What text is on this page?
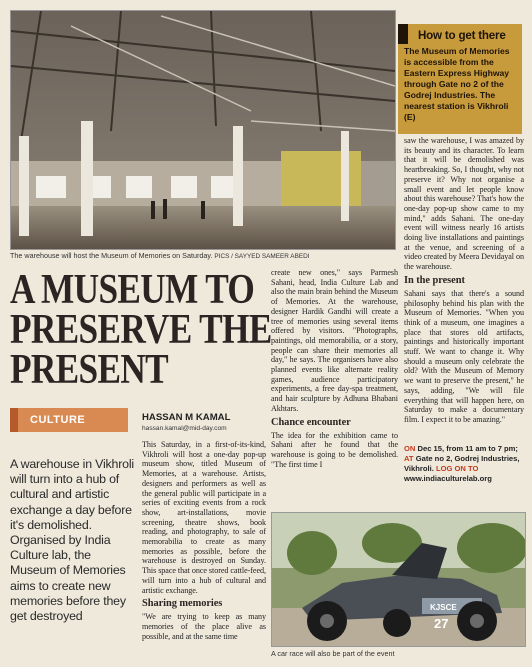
The warehouse will host the Museum of Memories on Saturday. PICS / SAYYED SAMEER ABEDI
How to get there
The Museum of Memories is accessible from the Eastern Express Highway through Gate no 2 of the Godrej Industries. The nearest station is Vikhroli (E)
A MUSEUM TO
PRESERVE THE
PRESENT
CULTURE
A warehouse in Vikhroli will turn into a hub of cultural and artistic exchange a day before it's demolished. Organised by India Culture lab, the Museum of Memories aims to create new memories before they get destroyed
HASSAN M KAMAL
hassan.kamal@mid-day.com

This Saturday, in a first-of-its-kind, Vikhroli will host a one-day pop-up museum show, titled Museum of Memories, at a warehouse. Artists, designers and performers as well as the general public will participate in a series of exciting events from a rock show, art-installations, movie screening, theatre shows, book reading, and photography, to sale of memorabilia to create as many memories as possible, before the warehouse is destroyed on Sunday. This space that once stored cattle-feed, will turn into a hub of cultural and artistic exchange.

Sharing memories

"We are trying to keep as many memories of the place alive as possible, and at the same time

create new ones," says Parmesh Sahani, head, India Culture Lab and also the main brain behind the Museum of Memories. At the warehouse, designer Hardik Gandhi will create a tree of memories using several items offered by visitors. "Photographs, paintings, old memorabilia, or a story, people can share their memories all day," he says. The organisers have also planned events like alternate reality games, audience participatory experiments, a free day-spa treatment, and hair sculpture by Adhuna Bhabani Akhtars.

Chance encounter

The idea for the exhibition came to Sahani after he found that the warehouse is going to be demolished. "The first time I

saw the warehouse, I was amazed by its beauty and its character. To learn that it will be demolished was heartbreaking. So, I thought, why not preserve it? Why not organise a small event and let people know about this warehouse? That's how the one-day pop-up show came to my mind," adds Sahani. The one-day event will witness nearly 16 artists doing live installations and paintings at the venue, and screening of a video created by Meera Devidayal on the warehouse.

In the present

Sahani says that there's a sound philosophy behind his plan with the Museum of Memories. "When you think of a museum, one imagines a place that stores old artifacts, paintings and historically important stuff. We want to change it. Why should a museum only celebrate the old? With the Museum of Memory we want to preserve the present," he says, adding, "We will file everything that will happen here, on Saturday to make a documentary film. I expect it to be amazing."

ON Dec 15, from 11 am to 7 pm; AT Gate no 2, Godrej Industries, Vikhroli. LOG ON TO www.indiaculturelab.org
KJSCE
27
A car race will also be part of the event
